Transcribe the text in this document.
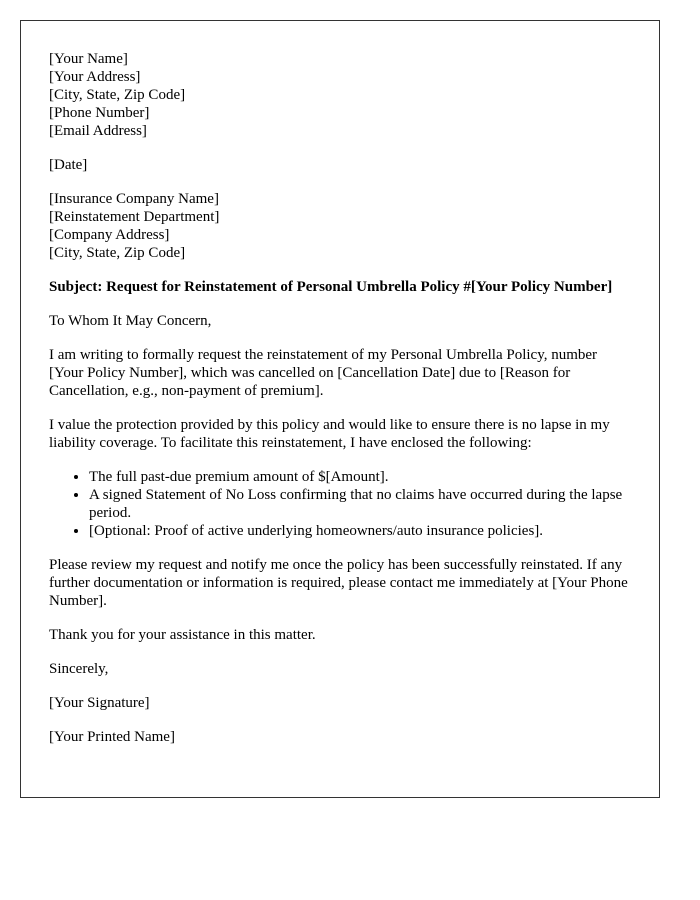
[Your Name]
[Your Address]
[City, State, Zip Code]
[Phone Number]
[Email Address]

[Date]

[Insurance Company Name]
[Reinstatement Department]
[Company Address]
[City, State, Zip Code]

Subject: Request for Reinstatement of Personal Umbrella Policy #[Your Policy Number]

To Whom It May Concern,

I am writing to formally request the reinstatement of my Personal Umbrella Policy, number [Your Policy Number], which was cancelled on [Cancellation Date] due to [Reason for Cancellation, e.g., non-payment of premium].

I value the protection provided by this policy and would like to ensure there is no lapse in my liability coverage. To facilitate this reinstatement, I have enclosed the following:

• The full past-due premium amount of $[Amount].
• A signed Statement of No Loss confirming that no claims have occurred during the lapse period.
• [Optional: Proof of active underlying homeowners/auto insurance policies].

Please review my request and notify me once the policy has been successfully reinstated. If any further documentation or information is required, please contact me immediately at [Your Phone Number].

Thank you for your assistance in this matter.

Sincerely,

[Your Signature]

[Your Printed Name]
